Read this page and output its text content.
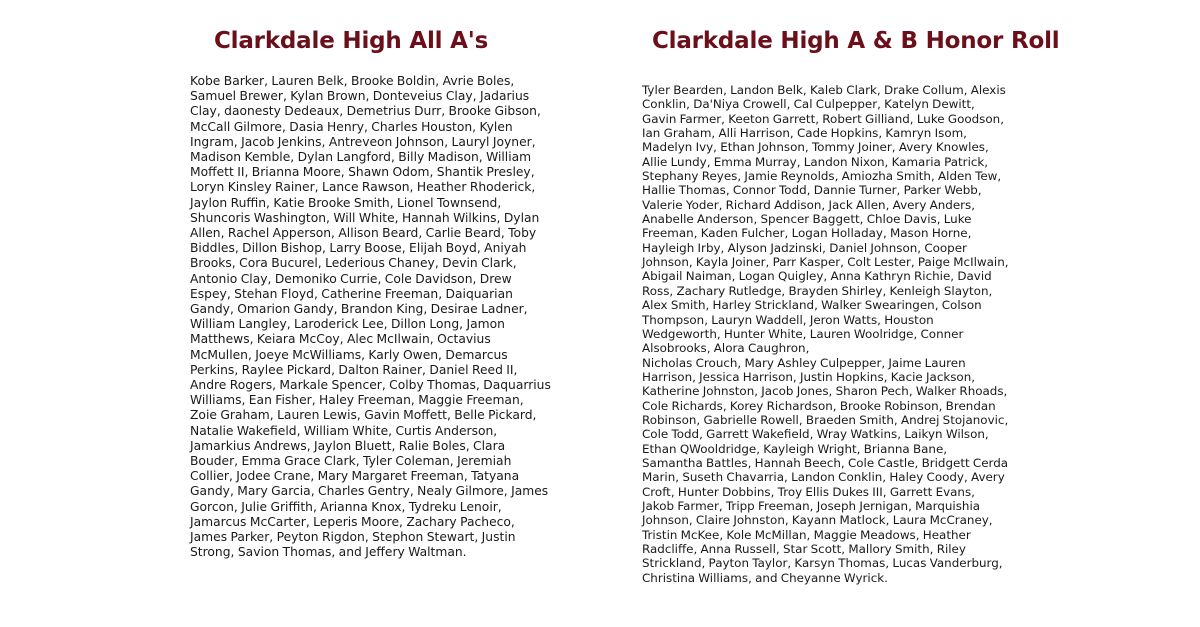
Clarkdale High All A's

Kobe Barker, Lauren Belk, Brooke Boldin, Avrie Boles, Samuel Brewer, Kylan Brown, Donteveius Clay, Jadarius Clay, daonesty Dedeaux, Demetrius Durr, Brooke Gibson, McCall Gilmore, Dasia Henry, Charles Houston, Kylen Ingram, Jacob Jenkins, Antreveon Johnson, Lauryl Joyner, Madison Kemble, Dylan Langford, Billy Madison, William Moffett II, Brianna Moore, Shawn Odom, Shantik Presley, Loryn Kinsley Rainer, Lance Rawson, Heather Rhoderick, Jaylon Ruffin, Katie Brooke Smith, Lionel Townsend, Shuncoris Washington, Will White, Hannah Wilkins, Dylan Allen, Rachel Apperson, Allison Beard, Carlie Beard, Toby Biddles, Dillon Bishop, Larry Boose, Elijah Boyd, Aniyah Brooks, Cora Bucurel, Lederious Chaney, Devin Clark, Antonio Clay, Demoniko Currie, Cole Davidson, Drew Espey, Stehan Floyd, Catherine Freeman, Daiquarian Gandy, Omarion Gandy, Brandon King, Desirae Ladner, William Langley, Laroderick Lee, Dillon Long, Jamon Matthews, Keiara McCoy, Alec McIlwain, Octavius McMullen, Joeye McWilliams, Karly Owen, Demarcus Perkins, Raylee Pickard, Dalton Rainer, Daniel Reed II, Andre Rogers, Markale Spencer, Colby Thomas, Daquarrius Williams, Ean Fisher, Haley Freeman, Maggie Freeman, Zoie Graham, Lauren Lewis, Gavin Moffett, Belle Pickard, Natalie Wakefield, William White, Curtis Anderson, Jamarkius Andrews, Jaylon Bluett, Ralie Boles, Clara Bouder, Emma Grace Clark, Tyler Coleman, Jeremiah Collier, Jodee Crane, Mary Margaret Freeman, Tatyana Gandy, Mary Garcia, Charles Gentry, Nealy Gilmore, James Gorcon, Julie Griffith, Arianna Knox, Tydreku Lenoir, Jamarcus McCarter, Leperis Moore, Zachary Pacheco, James Parker, Peyton Rigdon, Stephon Stewart, Justin Strong, Savion Thomas, and Jeffery Waltman.

Clarkdale High A & B Honor Roll
Tyler Bearden, Landon Belk, Kaleb Clark, Drake Collum, Alexis Conklin, Da'Niya Crowell, Cal Culpepper, Katelyn Dewitt, Gavin Farmer, Keeton Garrett, Robert Gilliand, Luke Goodson, Ian Graham, Alli Harrison, Cade Hopkins, Kamryn Isom, Madelyn Ivy, Ethan Johnson, Tommy Joiner, Avery Knowles, Allie Lundy, Emma Murray, Landon Nixon, Kamaria Patrick, Stephany Reyes, Jamie Reynolds, Amiozha Smith, Alden Tew,
Hallie Thomas, Connor Todd, Dannie Turner, Parker Webb, Valerie Yoder, Richard Addison, Jack Allen, Avery Anders, Anabelle Anderson, Spencer Baggett, Chloe Davis, Luke Freeman, Kaden Fulcher, Logan Holladay, Mason Horne, Hayleigh Irby, Alyson Jadzinski, Daniel Johnson, Cooper Johnson, Kayla Joiner, Parr Kasper, Colt Lester, Paige McIlwain, Abigail Naiman, Logan Quigley, Anna Kathryn Richie, David Ross, Zachary Rutledge, Brayden Shirley, Kenleigh Slayton, Alex Smith, Harley Strickland, Walker Swearingen, Colson Thompson, Lauryn Waddell, Jeron Watts, Houston Wedgeworth, Hunter White, Lauren Woolridge, Conner Alsobrooks, Alora Caughron,
Nicholas Crouch, Mary Ashley Culpepper, Jaime Lauren Harrison, Jessica Harrison, Justin Hopkins, Kacie Jackson, Katherine Johnston, Jacob Jones, Sharon Pech, Walker Rhoads, Cole Richards, Korey Richardson, Brooke Robinson, Brendan Robinson, Gabrielle Rowell, Braeden Smith, Andrej Stojanovic, Cole Todd, Garrett Wakefield, Wray Watkins, Laikyn Wilson, Ethan QWooldridge, Kayleigh Wright, Brianna Bane, Samantha Battles, Hannah Beech, Cole Castle, Bridgett Cerda Marin, Suseth Chavarria, Landon Conklin, Haley Coody, Avery Croft, Hunter Dobbins, Troy Ellis Dukes III, Garrett Evans, Jakob Farmer, Tripp Freeman, Joseph Jernigan, Marquishia Johnson, Claire Johnston, Kayann Matlock, Laura McCraney, Tristin McKee, Kole McMillan, Maggie Meadows, Heather Radcliffe, Anna Russell, Star Scott, Mallory Smith, Riley Strickland, Payton Taylor, Karsyn Thomas, Lucas Vanderburg, Christina Williams, and Cheyanne Wyrick.
